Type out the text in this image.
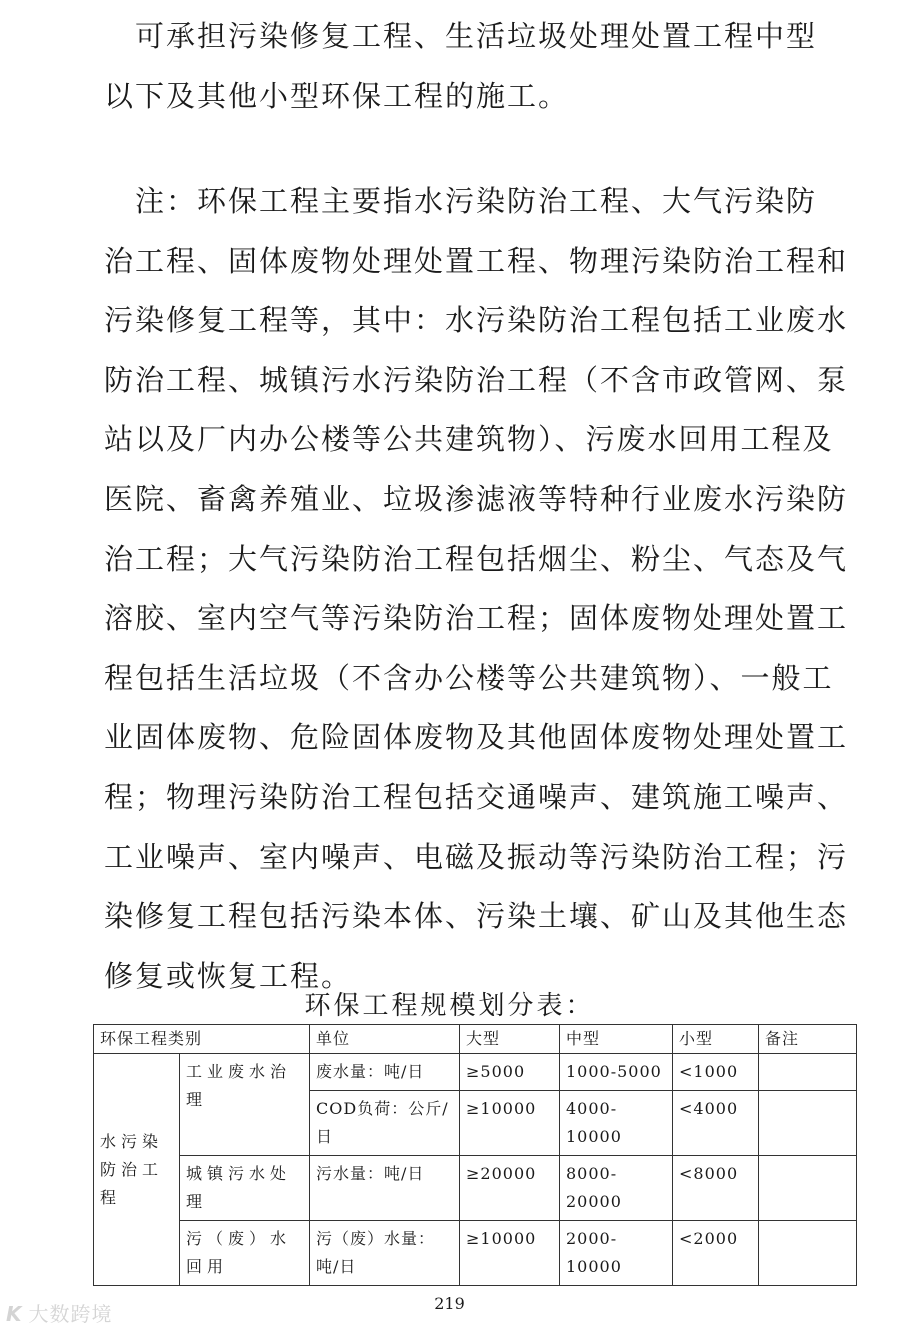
　可承担污染修复工程、生活垃圾处理处置工程中型
以下及其他小型环保工程的施工。
　注：环保工程主要指水污染防治工程、大气污染防
治工程、固体废物处理处置工程、物理污染防治工程和
污染修复工程等，其中：水污染防治工程包括工业废水
防治工程、城镇污水污染防治工程（不含市政管网、泵
站以及厂内办公楼等公共建筑物）、污废水回用工程及
医院、畜禽养殖业、垃圾渗滤液等特种行业废水污染防
治工程；大气污染防治工程包括烟尘、粉尘、气态及气
溶胶、室内空气等污染防治工程；固体废物处理处置工
程包括生活垃圾（不含办公楼等公共建筑物）、一般工
业固体废物、危险固体废物及其他固体废物处理处置工
程；物理污染防治工程包括交通噪声、建筑施工噪声、
工业噪声、室内噪声、电磁及振动等污染防治工程；污
染修复工程包括污染本体、污染土壤、矿山及其他生态
修复或恢复工程。
环保工程规模划分表：
环保工程类别		单位	大型	中型	小型	备注
水污染防治工程	工业废水治理	废水量：吨/日	≥5000	1000-5000	<1000	
		COD负荷：公斤/日	≥10000	4000-10000	<4000	
	城镇污水处理	污水量：吨/日	≥20000	8000-20000	<8000	
	污（废）水回用	污（废）水量：吨/日	≥10000	2000-10000	<2000	
219
K 大数跨境
